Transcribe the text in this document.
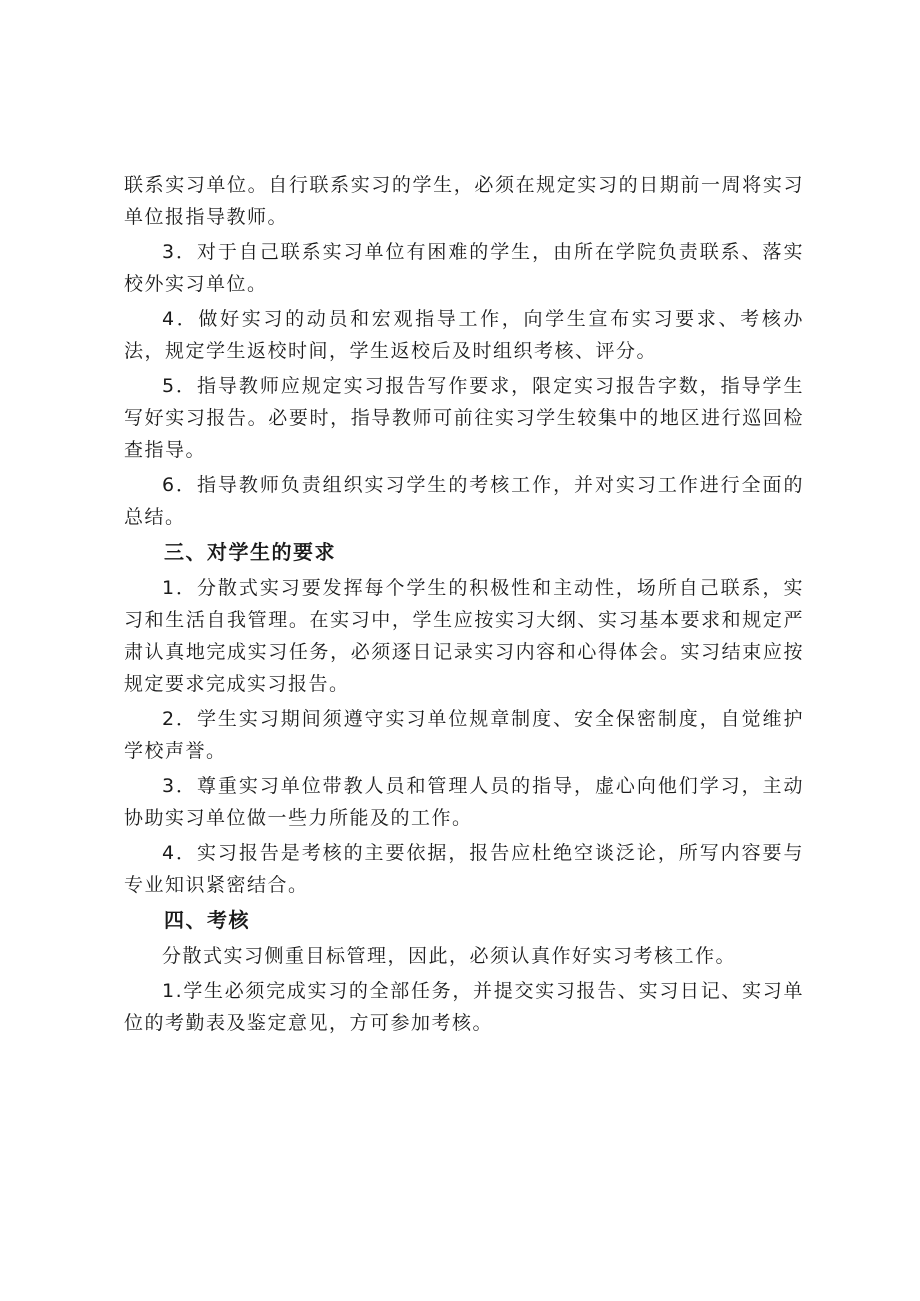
联系实习单位。自行联系实习的学生，必须在规定实习的日期前一周将实习单位报指导教师。

3．对于自己联系实习单位有困难的学生，由所在学院负责联系、落实校外实习单位。

4．做好实习的动员和宏观指导工作，向学生宣布实习要求、考核办法，规定学生返校时间，学生返校后及时组织考核、评分。

5．指导教师应规定实习报告写作要求，限定实习报告字数，指导学生写好实习报告。必要时，指导教师可前往实习学生较集中的地区进行巡回检查指导。

6．指导教师负责组织实习学生的考核工作，并对实习工作进行全面的总结。

三、对学生的要求

1．分散式实习要发挥每个学生的积极性和主动性，场所自己联系，实习和生活自我管理。在实习中，学生应按实习大纲、实习基本要求和规定严肃认真地完成实习任务，必须逐日记录实习内容和心得体会。实习结束应按规定要求完成实习报告。

2．学生实习期间须遵守实习单位规章制度、安全保密制度，自觉维护学校声誉。

3．尊重实习单位带教人员和管理人员的指导，虚心向他们学习，主动协助实习单位做一些力所能及的工作。

4．实习报告是考核的主要依据，报告应杜绝空谈泛论，所写内容要与专业知识紧密结合。

四、考核

分散式实习侧重目标管理，因此，必须认真作好实习考核工作。

1.学生必须完成实习的全部任务，并提交实习报告、实习日记、实习单位的考勤表及鉴定意见，方可参加考核。
